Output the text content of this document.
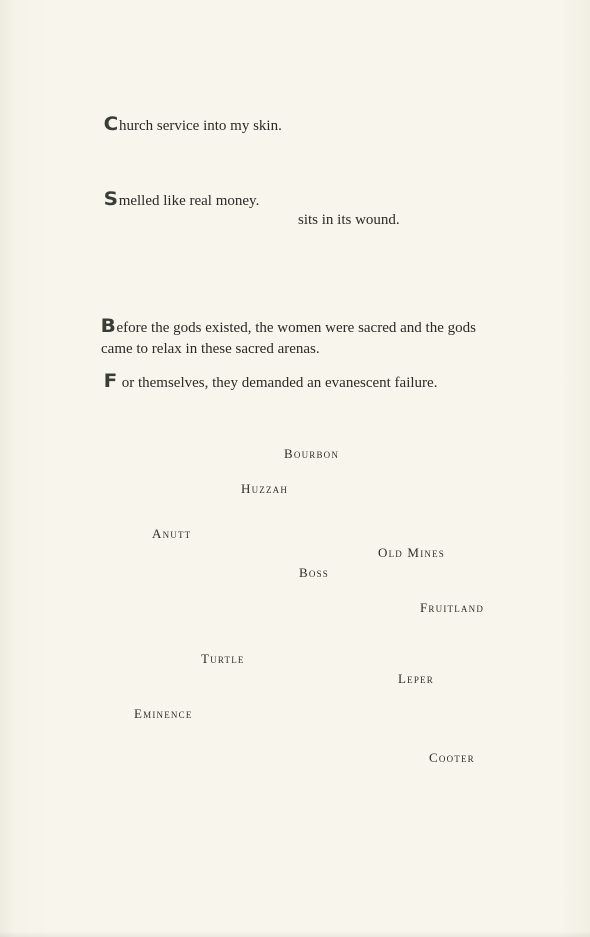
Church service into my skin.

Smelled like real money.

sits in its wound.

Before the gods existed, the women were sacred and the gods came to relax in these sacred arenas.

F or themselves, they demanded an evanescent failure.

Bourbon
Huzzah
Anutt
Old Mines
Boss
Fruitland
Turtle
Leper
Eminence
Cooter
